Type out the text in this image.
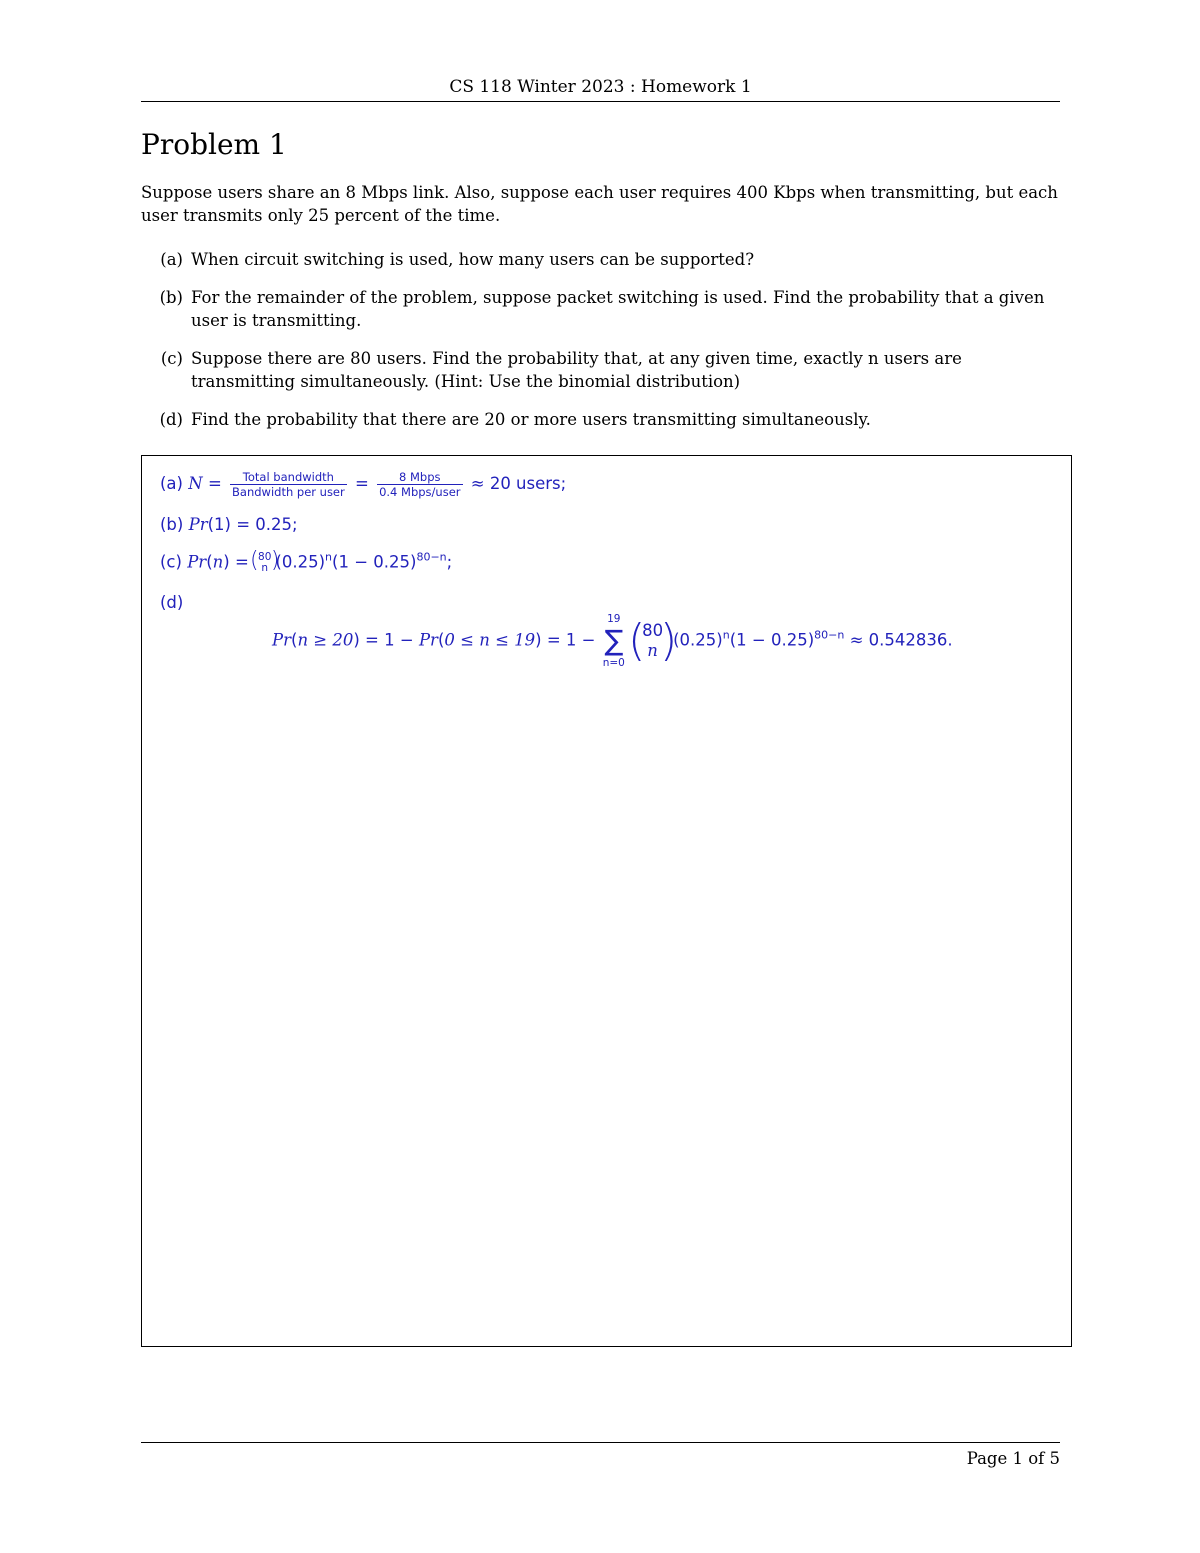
CS 118 Winter 2023 : Homework 1
Problem 1

Suppose users share an 8 Mbps link. Also, suppose each user requires 400 Kbps when transmitting, but each user transmits only 25 percent of the time.

(a) When circuit switching is used, how many users can be supported?
(b) For the remainder of the problem, suppose packet switching is used. Find the probability that a given user is transmitting.
(c) Suppose there are 80 users. Find the probability that, at any given time, exactly n users are transmitting simultaneously. (Hint: Use the binomial distribution)
(d) Find the probability that there are 20 or more users transmitting simultaneously.
(a) $N = \frac{\text{Total bandwidth}}{\text{Bandwidth per user}} = \frac{\text{8 Mbps}}{\text{0.4 Mbps/user}} \approx 20$ users;
(b) Pr(1) = 0.25;
(c) Pr(n) =
( 80
n
) $(0.25)^n(1 - 0.25)^{80-n}$;
(d)
Pr(n ≥ 20) = 1 − Pr(0 ≤ n ≤ 19) = 1 −
19
∑
n=0

( 80
n
)$(0.25)^n(1 - 0.25)^{80-n} \approx 0.542836$.
Page 1 of 5
